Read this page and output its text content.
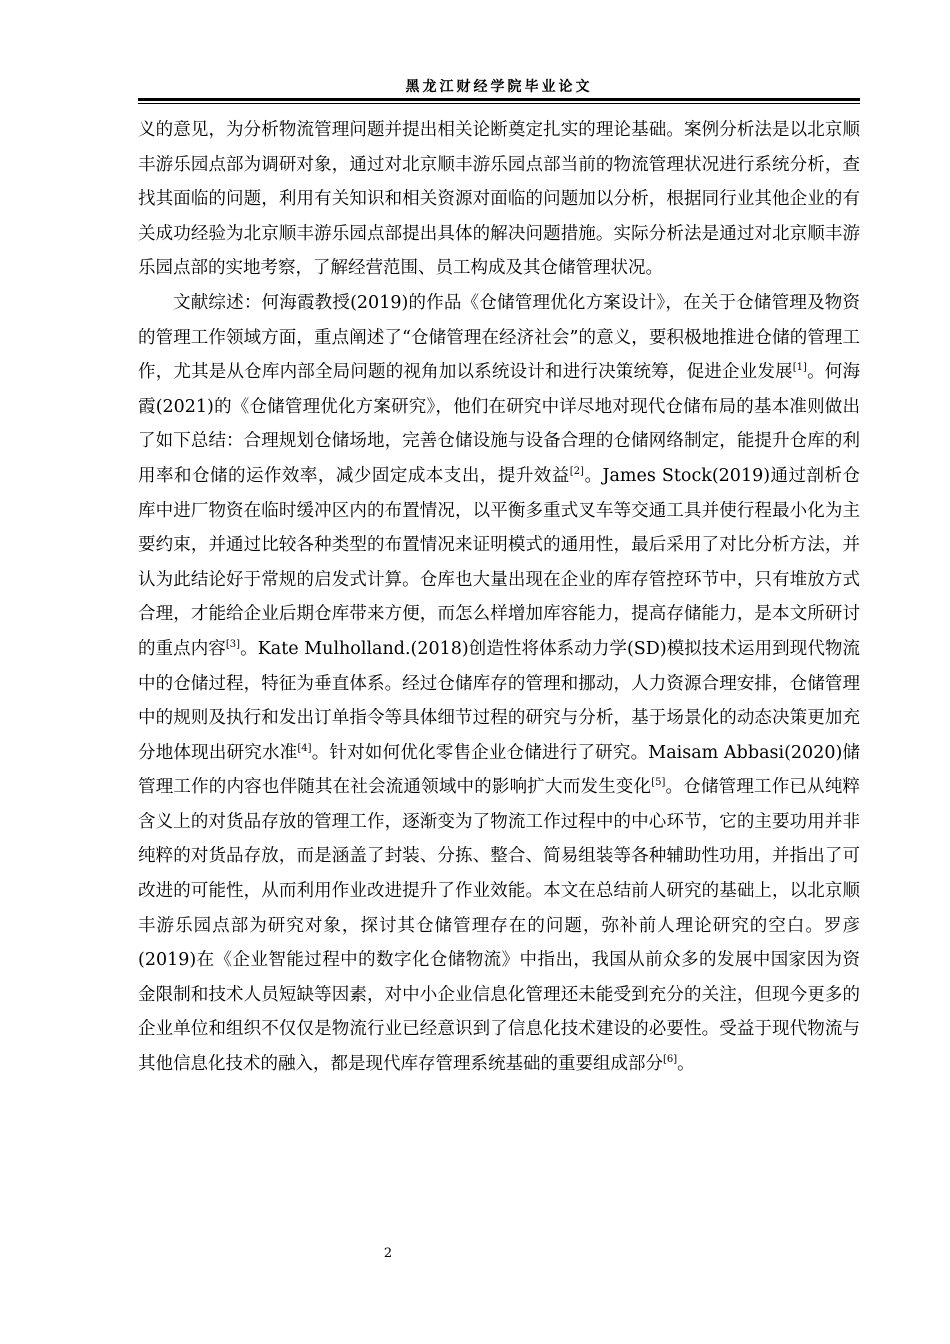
黑龙江财经学院毕业论文

义的意见，为分析物流管理问题并提出相关论断奠定扎实的理论基础。案例分析法是以北京顺丰游乐园点部为调研对象，通过对北京顺丰游乐园点部当前的物流管理状况进行系统分析，查找其面临的问题，利用有关知识和相关资源对面临的问题加以分析，根据同行业其他企业的有关成功经验为北京顺丰游乐园点部提出具体的解决问题措施。实际分析法是通过对北京顺丰游乐园点部的实地考察，了解经营范围、员工构成及其仓储管理状况。

文献综述：何海霞教授(2019)的作品《仓储管理优化方案设计》，在关于仓储管理及物资的管理工作领域方面，重点阐述了“仓储管理在经济社会”的意义，要积极地推进仓储的管理工作，尤其是从仓库内部全局问题的视角加以系统设计和进行决策统筹，促进企业发展[1]。何海霞(2021)的《仓储管理优化方案研究》，他们在研究中详尽地对现代仓储布局的基本准则做出了如下总结：合理规划仓储场地，完善仓储设施与设备合理的仓储网络制定，能提升仓库的利用率和仓储的运作效率，减少固定成本支出，提升效益[2]。James Stock(2019)通过剖析仓库中进厂物资在临时缓冲区内的布置情况，以平衡多重式叉车等交通工具并使行程最小化为主要约束，并通过比较各种类型的布置情况来证明模式的通用性，最后采用了对比分析方法，并认为此结论好于常规的启发式计算。仓库也大量出现在企业的库存管控环节中，只有堆放方式合理，才能给企业后期仓库带来方便，而怎么样增加库容能力，提高存储能力，是本文所研讨的重点内容[3]。Kate Mulholland.(2018)创造性将体系动力学(SD)模拟技术运用到现代物流中的仓储过程，特征为垂直体系。经过仓储库存的管理和挪动，人力资源合理安排，仓储管理中的规则及执行和发出订单指令等具体细节过程的研究与分析，基于场景化的动态决策更加充分地体现出研究水准[4]。针对如何优化零售企业仓储进行了研究。Maisam Abbasi(2020)储管理工作的内容也伴随其在社会流通领域中的影响扩大而发生变化[5]。仓储管理工作已从纯粹含义上的对货品存放的管理工作，逐渐变为了物流工作过程中的中心环节，它的主要功用并非纯粹的对货品存放，而是涵盖了封装、分拣、整合、简易组装等各种辅助性功用，并指出了可改进的可能性，从而利用作业改进提升了作业效能。本文在总结前人研究的基础上，以北京顺丰游乐园点部为研究对象，探讨其仓储管理存在的问题，弥补前人理论研究的空白。罗彦(2019)在《企业智能过程中的数字化仓储物流》中指出，我国从前众多的发展中国家因为资金限制和技术人员短缺等因素，对中小企业信息化管理还未能受到充分的关注，但现今更多的企业单位和组织不仅仅是物流行业已经意识到了信息化技术建设的必要性。受益于现代物流与其他信息化技术的融入，都是现代库存管理系统基础的重要组成部分[6]。

2
